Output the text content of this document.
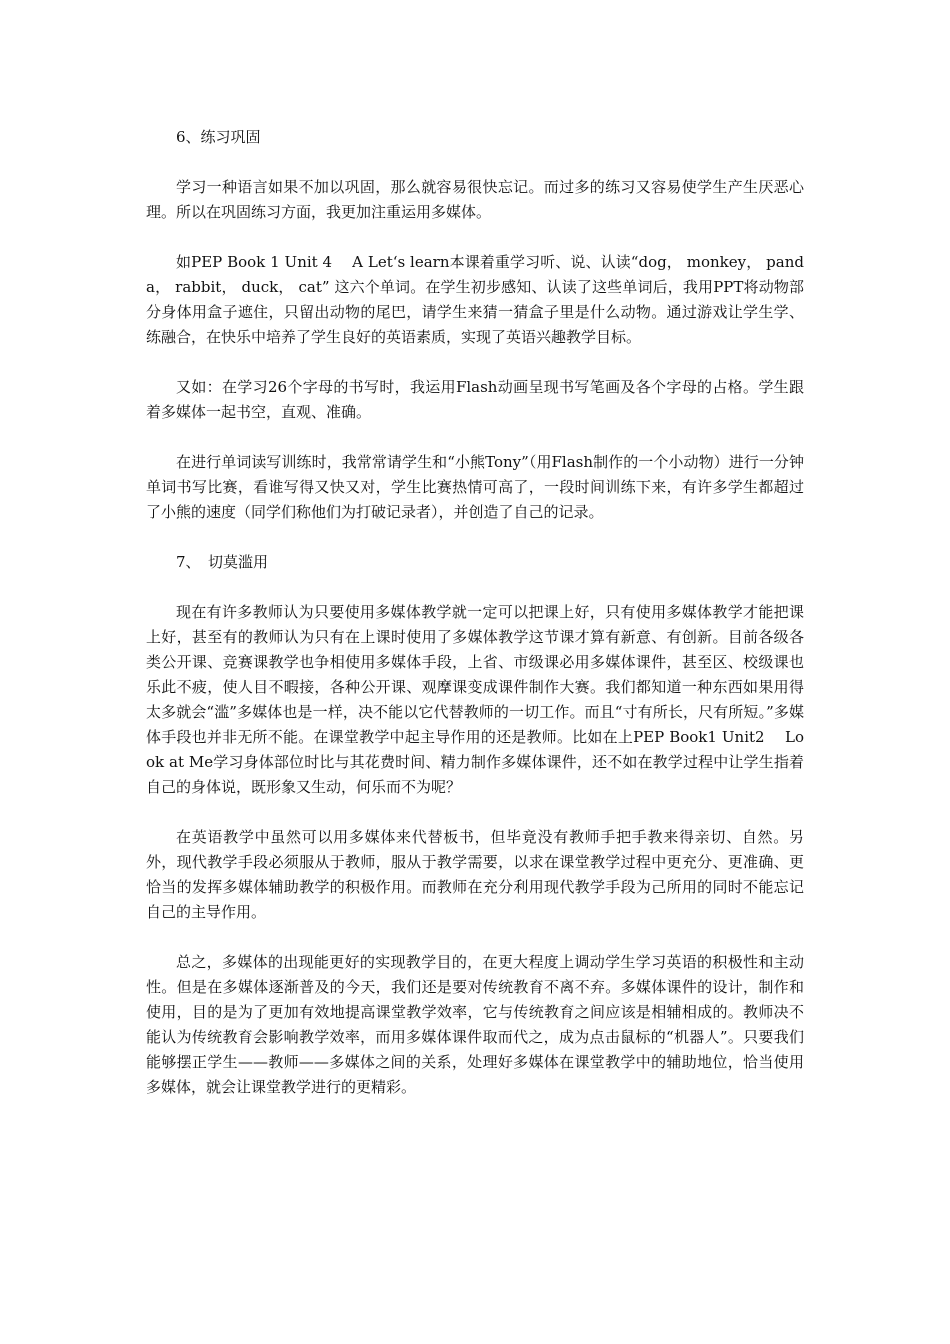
6、练习巩固

学习一种语言如果不加以巩固，那么就容易很快忘记。而过多的练习又容易使学生产生厌恶心理。所以在巩固练习方面，我更加注重运用多媒体。

如PEP Book 1 Unit 4　 A Let‘s learn本课着重学习听、说、认读“dog， monkey， panda， rabbit， duck， cat” 这六个单词。在学生初步感知、认读了这些单词后，我用PPT将动物部分身体用盒子遮住，只留出动物的尾巴，请学生来猜一猜盒子里是什么动物。通过游戏让学生学、练融合，在快乐中培养了学生良好的英语素质，实现了英语兴趣教学目标。

又如：在学习26个字母的书写时，我运用Flash动画呈现书写笔画及各个字母的占格。学生跟着多媒体一起书空，直观、准确。

在进行单词读写训练时，我常常请学生和“小熊Tony”（用Flash制作的一个小动物）进行一分钟单词书写比赛，看谁写得又快又对，学生比赛热情可高了，一段时间训练下来，有许多学生都超过了小熊的速度（同学们称他们为打破记录者），并创造了自己的记录。

7、　切莫滥用

现在有许多教师认为只要使用多媒体教学就一定可以把课上好，只有使用多媒体教学才能把课上好，甚至有的教师认为只有在上课时使用了多媒体教学这节课才算有新意、有创新。目前各级各类公开课、竞赛课教学也争相使用多媒体手段，上省、市级课必用多媒体课件，甚至区、校级课也乐此不疲，使人目不暇接，各种公开课、观摩课变成课件制作大赛。我们都知道一种东西如果用得太多就会“滥”多媒体也是一样，决不能以它代替教师的一切工作。而且“寸有所长，尺有所短。”多媒体手段也并非无所不能。在课堂教学中起主导作用的还是教师。比如在上PEP Book1 Unit2　 Look at Me学习身体部位时比与其花费时间、精力制作多媒体课件，还不如在教学过程中让学生指着自己的身体说，既形象又生动，何乐而不为呢？

在英语教学中虽然可以用多媒体来代替板书，但毕竟没有教师手把手教来得亲切、自然。另外，现代教学手段必须服从于教师，服从于教学需要，以求在课堂教学过程中更充分、更准确、更恰当的发挥多媒体辅助教学的积极作用。而教师在充分利用现代教学手段为己所用的同时不能忘记自己的主导作用。

总之，多媒体的出现能更好的实现教学目的，在更大程度上调动学生学习英语的积极性和主动性。但是在多媒体逐渐普及的今天，我们还是要对传统教育不离不弃。多媒体课件的设计，制作和使用，目的是为了更加有效地提高课堂教学效率，它与传统教育之间应该是相辅相成的。教师决不能认为传统教育会影响教学效率，而用多媒体课件取而代之，成为点击鼠标的“机器人”。只要我们能够摆正学生——教师——多媒体之间的关系，处理好多媒体在课堂教学中的辅助地位，恰当使用多媒体，就会让课堂教学进行的更精彩。
